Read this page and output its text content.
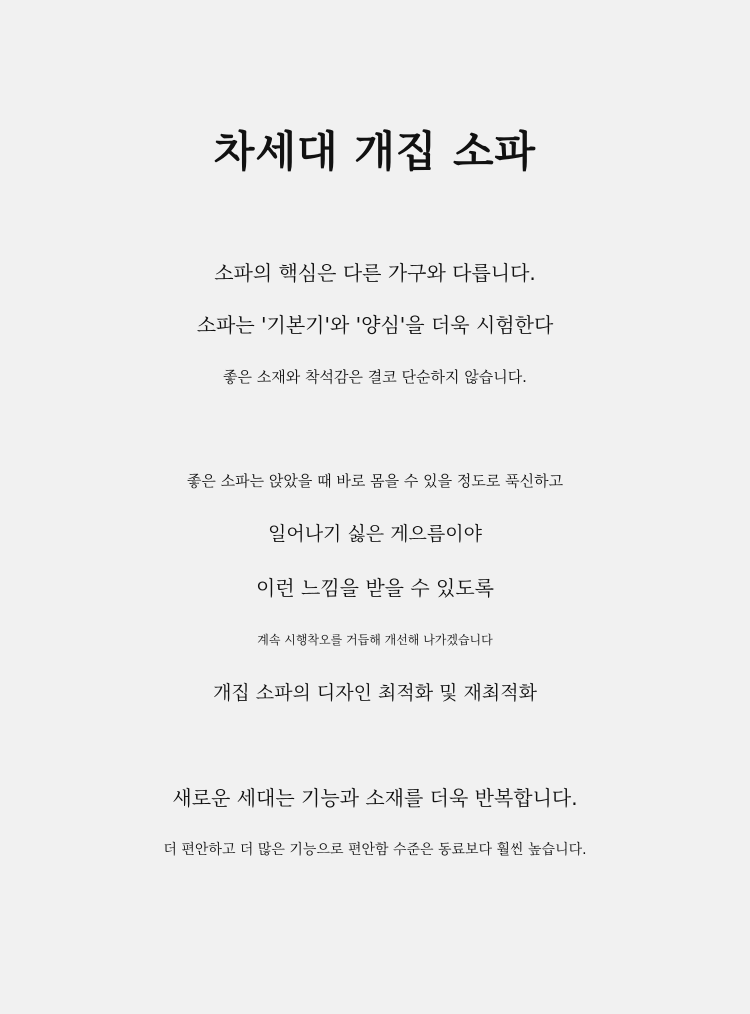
차세대 개집 소파
소파의 핵심은 다른 가구와 다릅니다.
소파는 '기본기'와 '양심'을 더욱 시험한다
좋은 소재와 착석감은 결코 단순하지 않습니다.
좋은 소파는 앉았을 때 바로 몸을 수 있을 정도로 푹신하고
일어나기 싫은 게으름이야
이런 느낌을 받을 수 있도록
계속 시행착오를 거듭해 개선해 나가겠습니다
개집 소파의 디자인 최적화 및 재최적화
새로운 세대는 기능과 소재를 더욱 반복합니다.
더 편안하고 더 많은 기능으로 편안함 수준은 동료보다 훨씬 높습니다.
